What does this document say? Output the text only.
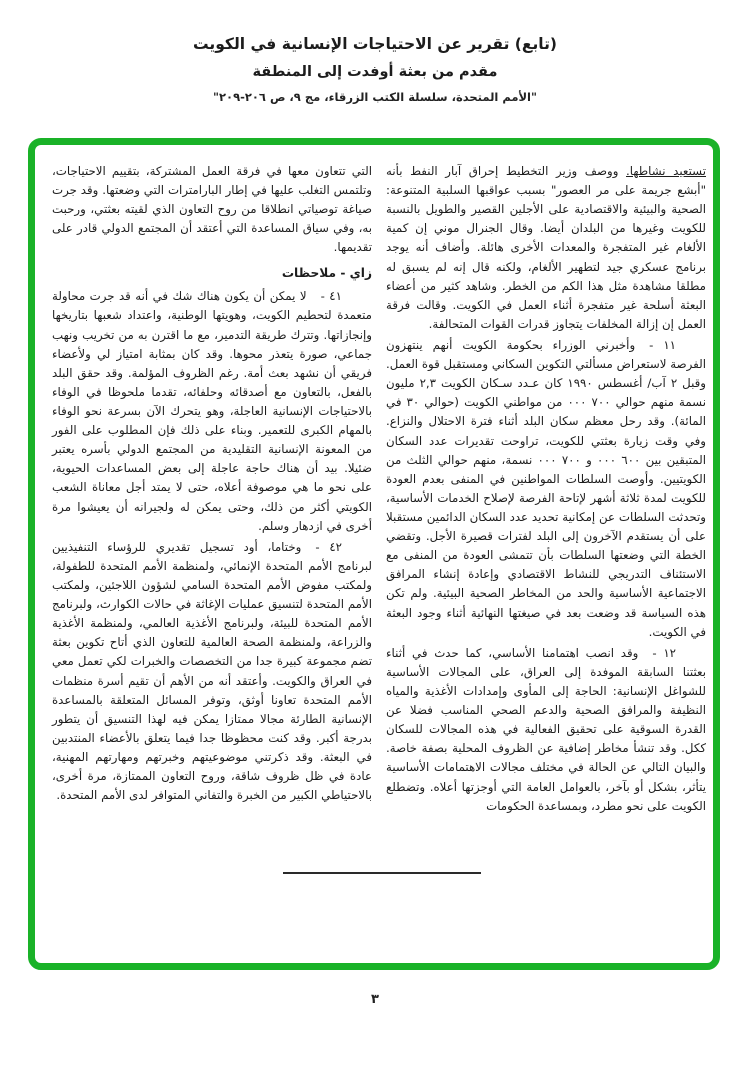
(تابع) تقرير عن الاحتياجات الإنسانية في الكويت
مقدم من بعثة أوفدت إلى المنطقة
"الأمم المتحدة، سلسلة الكتب الزرقاء، مج ٩، ص ٢٠٦-٢٠٩"

تستعيد نشاطها. ووصف وزير التخطيط إحراق آبار النفط بأنه "أبشع جريمة على مر العصور" بسبب عواقبها السلبية المتنوعة: الصحية والبيئية والاقتصادية على الأجلين القصير والطويل بالنسبة للكويت وغيرها من البلدان أيضا. وقال الجنرال موني إن كمية الألغام غير المتفجرة والمعدات الأخرى هائلة. وأضاف أنه يوجد برنامج عسكري جيد لتطهير الألغام، ولكنه قال إنه لم يسبق له مطلقا مشاهدة مثل هذا الكم من الخطر. وشاهد كثير من أعضاء البعثة أسلحة غير متفجرة أثناء العمل في الكويت. وقالت فرقة العمل إن إزالة المخلفات يتجاوز قدرات القوات المتحالفة.

١١ -وأخبرني الوزراء بحكومة الكويت أنهم ينتهزون الفرصة لاستعراض مسألتي التكوين السكاني ومستقبل قوة العمل. وقبل ٢ آب/ أغسطس ١٩٩٠ كان عـدد سـكان الكويت ٢,٣ مليون نسمة منهم حوالي ٧٠٠ ٠٠٠ من مواطني الكويت (حوالي ٣٠ في المائة). وقد رحل معظم سكان البلد أثناء فترة الاحتلال والنزاع. وفي وقت زيارة بعثتي للكويت، تراوحت تقديرات عدد السكان المتبقين بين ٦٠٠ ٠٠٠ و ٧٠٠ ٠٠٠ نسمة، منهم حوالي الثلث من الكويتيين. وأوصت السلطات المواطنين في المنفى بعدم العودة للكويت لمدة ثلاثة أشهر لإتاحة الفرصة لإصلاح الخدمات الأساسية، وتحدثت السلطات عن إمكانية تحديد عدد السكان الدائمين مستقبلا على أن يستقدم الآخرون إلى البلد لفترات قصيرة الأجل. وتقضي الخطة التي وضعتها السلطات بأن تتمشى العودة من المنفى مع الاستئناف التدريجي للنشاط الاقتصادي وإعادة إنشاء المرافق الاجتماعية الأساسية والحد من المخاطر الصحية البيئية. ولم تكن هذه السياسة قد وضعت بعد في صيغتها النهائية أثناء وجود البعثة في الكويت.

١٢ -وقد انصب اهتمامنا الأساسي، كما حدث في أثناء بعثتنا السابقة الموفدة إلى العراق، على المجالات الأساسية للشواغل الإنسانية: الحاجة إلى المأوى وإمدادات الأغذية والمياه النظيفة والمرافق الصحية والدعم الصحي المناسب فضلا عن القدرة السوقية على تحقيق الفعالية في هذه المجالات للسكان ككل. وقد تنشأ مخاطر إضافية عن الظروف المحلية بصفة خاصة. والبيان التالي عن الحالة في مختلف مجالات الاهتمامات الأساسية يتأثر، بشكل أو بآخر، بالعوامل العامة التي أوجزتها أعلاه. وتضطلع الكويت على نحو مطرد، وبمساعدة الحكومات

التي تتعاون معها في فرقة العمل المشتركة، بتقييم الاحتياجات، وتلتمس التغلب عليها في إطار البارامترات التي وضعتها. وقد جرت صياغة توصياتي انطلاقا من روح التعاون الذي لقيته بعثتي، ورحبت به، وفي سياق المساعدة التي أعتقد أن المجتمع الدولي قادر على تقديمها.

زاي - ملاحظات

٤١ -لا يمكن أن يكون هناك شك في أنه قد جرت محاولة متعمدة لتحطيم الكويت، وهويتها الوطنية، واعتداد شعبها بتاريخها وإنجازاتها. وتترك طريقة التدمير، مع ما اقترن به من تخريب ونهب جماعي، صورة يتعذر محوها. وقد كان بمثابة امتياز لي ولأعضاء فريقي أن نشهد بعث أمة. رغم الظروف المؤلمة. وقد حقق البلد بالفعل، بالتعاون مع أصدقائه وحلفائه، تقدما ملحوظا في الوفاء بالاحتياجات الإنسانية العاجلة، وهو يتحرك الآن بسرعة نحو الوفاء بالمهام الكبرى للتعمير. وبناء على ذلك فإن المطلوب على الفور من المعونة الإنسانية التقليدية من المجتمع الدولي بأسره يعتبر ضئيلا. بيد أن هناك حاجة عاجلة إلى بعض المساعدات الحيوية، على نحو ما هي موصوفة أعلاه، حتى لا يمتد أجل معاناة الشعب الكويتي أكثر من ذلك، وحتى يمكن له ولجيرانه أن يعيشوا مرة أخرى في ازدهار وسلم.

٤٢ -وختاما، أود تسجيل تقديري للرؤساء التنفيذيين لبرنامج الأمم المتحدة الإنمائي، ولمنظمة الأمم المتحدة للطفولة، ولمكتب مفوض الأمم المتحدة السامي لشؤون اللاجئين، ولمكتب الأمم المتحدة لتنسيق عمليات الإغاثة في حالات الكوارث، ولبرنامج الأمم المتحدة للبيئة، ولبرنامج الأغذية العالمي، ولمنظمة الأغذية والزراعة، ولمنظمة الصحة العالمية للتعاون الذي أتاح تكوين بعثة تضم مجموعة كبيرة جدا من التخصصات والخبرات لكي تعمل معي في العراق والكويت. وأعتقد أنه من الأهم أن تقيم أسرة منظمات الأمم المتحدة تعاونا أوثق، وتوفر المسائل المتعلقة بالمساعدة الإنسانية الطارئة مجالا ممتازا يمكن فيه لهذا التنسيق أن يتطور بدرجة أكبر. وقد كنت محظوظا جدا فيما يتعلق بالأعضاء المنتدبين في البعثة. وقد ذكرتني موضوعيتهم وخبرتهم ومهارتهم المهنية، عادة في ظل ظروف شاقة، وروح التعاون الممتازة، مرة أخرى، بالاحتياطي الكبير من الخبرة والتفاني المتوافر لدى الأمم المتحدة.

٣
